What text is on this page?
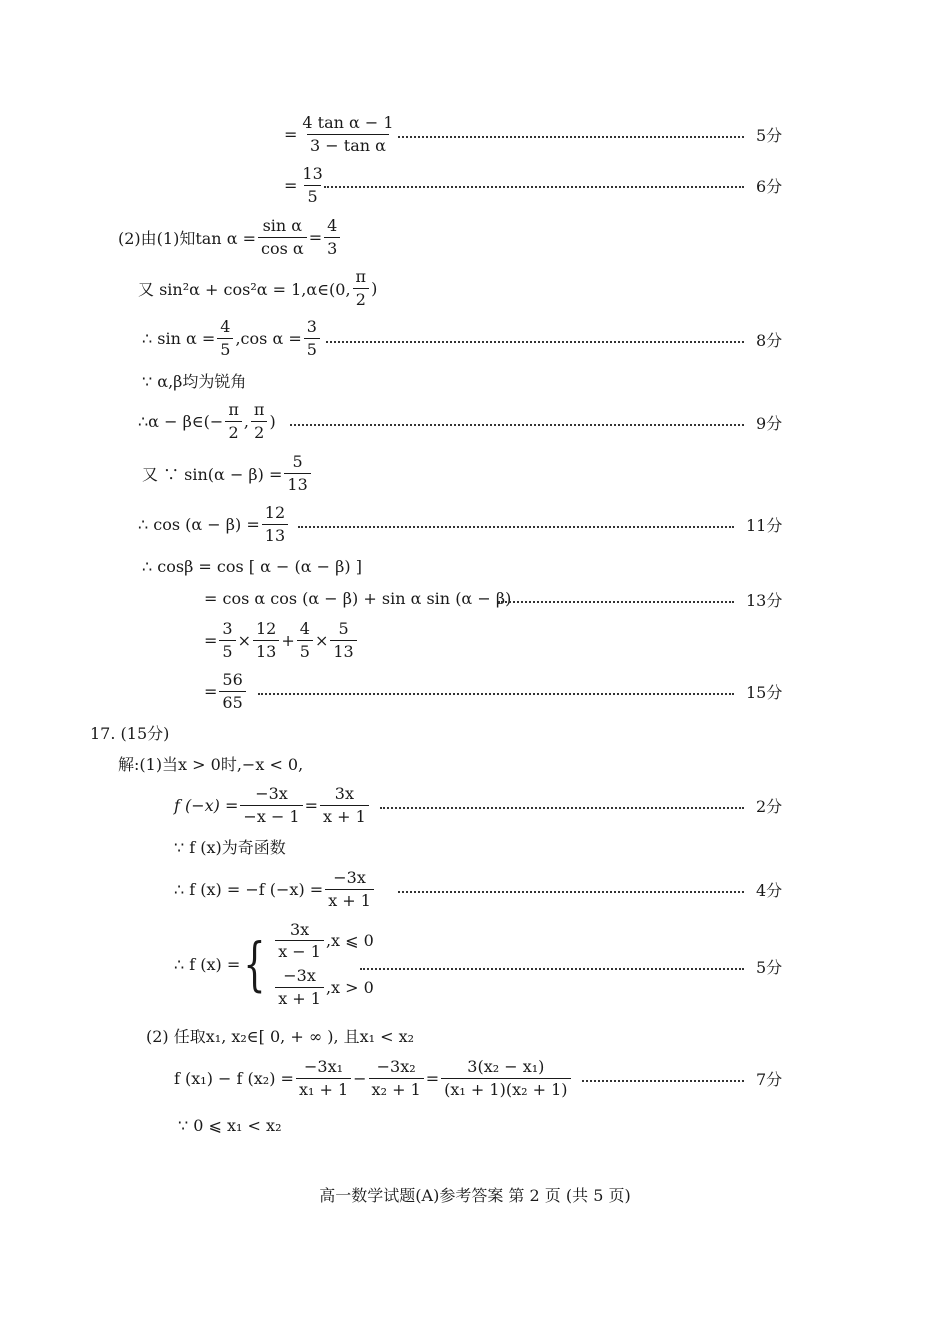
= $\frac{\text{4 tan α − 1}}{\text{3 − tan α}}$	5分
= $\frac{13}{5}$	6分
(2)由(1)知$\tan \alpha = \frac{\text{sin α}}{\text{cos α}} = \frac{4}{3}$
又 sin²α + cos²α = 1,α∈(0, $\frac{\pi}{2}$ )
∴ $\sin \alpha = \frac{4}{5} ,\cos$ $\alpha = \frac{3}{5}$	8分
∵ α,β均为锐角
∴α − β∈(− $\frac{\pi}{2}$ , $\frac{\pi}{2}$ )	9分
又 ∵ $\sin(\alpha - \beta) = \frac{5}{13}$
∴ $\cos (\alpha - \beta) = \frac{12}{13}$	11分
∴ cosβ = cos [ α − (α − β) ]
= cos α cos (α − β) + sin α sin (α − β)	13分
= $\frac{3}{5} \times \frac{12}{13} + \frac{4}{5} \times \frac{5}{13}$
= $\frac{56}{65}$	15分
17. (15分)
解:(1)当x > 0时,−x < 0,
f $(-x) = \frac{-3x}{-x - 1} = \frac{3x}{x + 1}$	2分
∵ f (x)为奇函数
∴ f (x) = −f $(-x) = \frac{-3x}{x + 1}$	4分
∴ f (x) = { $\frac{3x}{x - 1} ,x$ ⩽ 0
$\frac{-3x}{x + 1} ,x > 0$
5分
(2) 任取x₁, x₂∈[ 0, + ∞ ), 且x₁ < x₂
f (x₁) − f $(x_2) = \frac{\text{−3x₁}}{\text{x₁ + 1}} - \frac{\text{−3x₂}}{\text{x₂ + 1}} = \frac{\text{3(x₂ − x₁)}}{\text{(x₁ + 1)(x₂ + 1)}}$	7分
∵ 0 ⩽ x₁ < x₂
高一数学试题(A)参考答案 第 2 页 (共 5 页)
